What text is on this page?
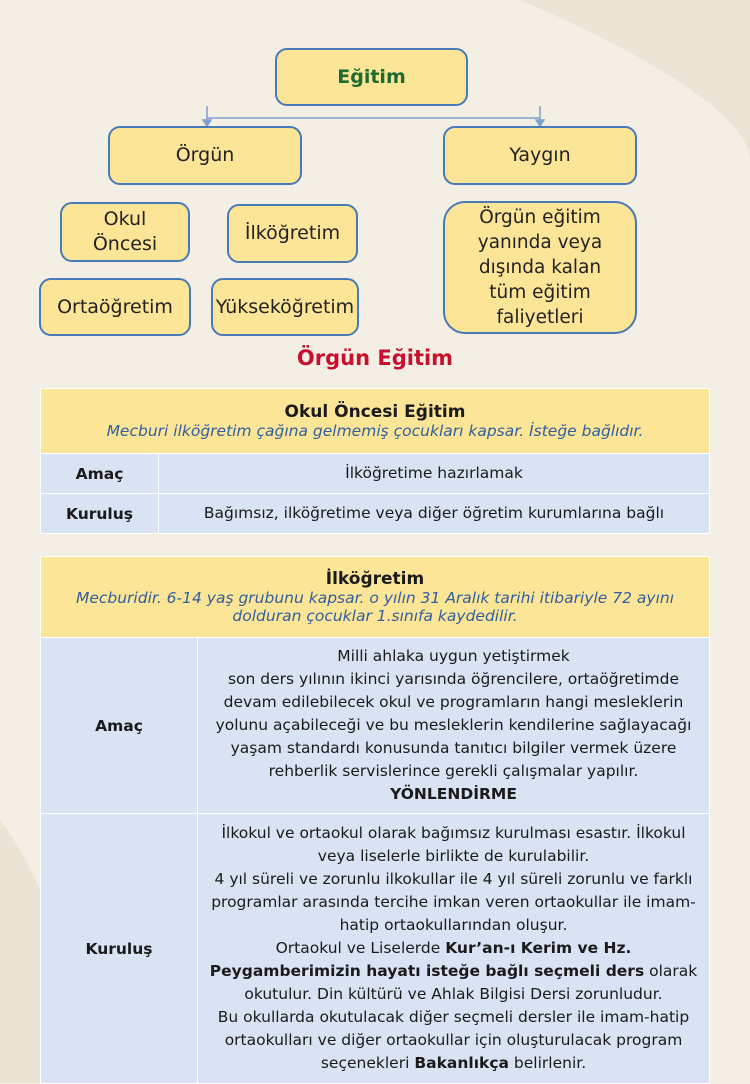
Eğitim
Örgün	Yaygın
Okul Öncesi	İlköğretim
Ortaöğretim	Yükseköğretim
Örgün eğitim yanında veya dışında kalan tüm eğitim faliyetleri
Örgün Eğitim
Okul Öncesi Eğitim
Mecburi ilköğretim çağına gelmemiş çocukları kapsar. İsteğe bağlıdır.	

Amaç	İlköğretime hazırlamak
Kuruluş	Bağımsız, ilköğretime veya diğer öğretim kurumlarına bağlı
İlköğretim
Mecburidir. 6-14 yaş grubunu kapsar. o yılın 31 Aralık tarihi itibariyle 72 ayını dolduran çocuklar 1.sınıfa kaydedilir.	

Amaç	Milli ahlaka uygun yetiştirmek
son ders yılının ikinci yarısında öğrencilere, ortaöğretimde devam edilebilecek okul ve programların hangi mesleklerin yolunu açabileceği ve bu mesleklerin kendilerine sağlayacağı yaşam standardı konusunda tanıtıcı bilgiler vermek üzere rehberlik servislerince gerekli çalışmalar yapılır.
YÖNLENDİRME

Kuruluş	İlkokul ve ortaokul olarak bağımsız kurulması esastır. İlkokul veya liselerle birlikte de kurulabilir.
4 yıl süreli ve zorunlu ilkokullar ile 4 yıl süreli zorunlu ve farklı programlar arasında tercihe imkan veren ortaokullar ile imam-hatip ortaokullarından oluşur.
Ortaokul ve Liselerde Kur’an-ı Kerim ve Hz. Peygamberimizin hayatı isteğe bağlı seçmeli ders olarak okutulur. Din kültürü ve Ahlak Bilgisi Dersi zorunludur.
Bu okullarda okutulacak diğer seçmeli dersler ile imam-hatip ortaokulları ve diğer ortaokullar için oluşturulacak program seçenekleri Bakanlıkça belirlenir.
